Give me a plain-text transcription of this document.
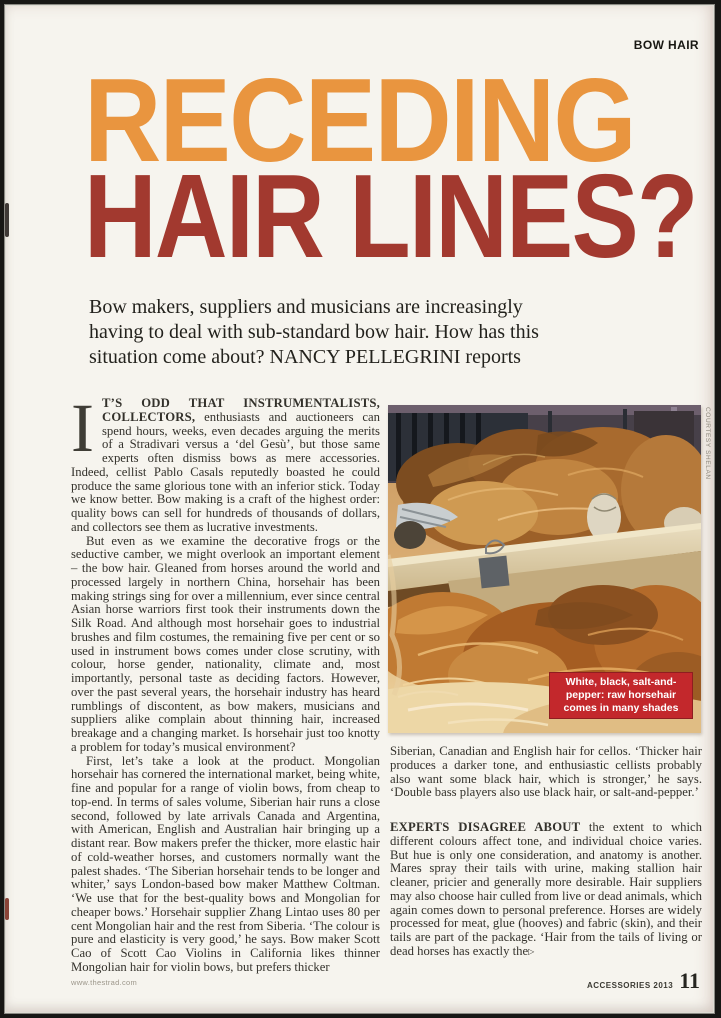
BOW HAIR
RECEDING
HAIR LINES?
Bow makers, suppliers and musicians are increasingly having to deal with sub-standard bow hair. How has this situation come about? NANCY PELLEGRINI reports

I T’S ODD THAT INSTRUMENTALISTS, COLLECTORS, enthusiasts and auctioneers can spend hours, weeks, even decades arguing the merits of a Stradivari versus a ‘del Gesù’, but those same experts often dismiss bows as mere accessories. Indeed, cellist Pablo Casals reputedly boasted he could produce the same glorious tone with an inferior stick. Today we know better. Bow making is a craft of the highest order: quality bows can sell for hundreds of thousands of dollars, and collectors see them as lucrative investments.

But even as we examine the decorative frogs or the seductive camber, we might overlook an important element – the bow hair. Gleaned from horses around the world and processed largely in northern China, horsehair has been making strings sing for over a millennium, ever since central Asian horse warriors first took their instruments down the Silk Road. And although most horsehair goes to industrial brushes and film costumes, the remaining five per cent or so used in instrument bows comes under close scrutiny, with colour, horse gender, nationality, climate and, most importantly, personal taste as deciding factors. However, over the past several years, the horsehair industry has heard rumblings of discontent, as bow makers, musicians and suppliers alike complain about thinning hair, increased breakage and a changing market. Is horsehair just too knotty a problem for today’s musical environment?

First, let’s take a look at the product. Mongolian horsehair has cornered the international market, being white, fine and popular for a range of violin bows, from cheap to top-end. In terms of sales volume, Siberian hair runs a close second, followed by late arrivals Canada and Argentina, with American, English and Australian hair bringing up a distant rear. Bow makers prefer the thicker, more elastic hair of cold-weather horses, and customers normally want the palest shades. ‘The Siberian horsehair tends to be longer and whiter,’ says London-based bow maker Matthew Coltman. ‘We use that for the best-quality bows and Mongolian for cheaper bows.’ Horsehair supplier Zhang Lintao uses 80 per cent Mongolian hair and the rest from Siberia. ‘The colour is pure and elasticity is very good,’ he says. Bow maker Scott Cao of Scott Cao Violins in California likes thinner Mongolian hair for violin bows, but prefers thicker

White, black, salt-and-pepper: raw horsehair comes in many shades
COURTESY SHELAN

Siberian, Canadian and English hair for cellos. ‘Thicker hair produces a darker tone, and enthusiastic cellists probably also want some black hair, which is stronger,’ he says. ‘Double bass players also use black hair, or salt-and-pepper.’

EXPERTS DISAGREE ABOUT the extent to which different colours affect tone, and individual choice varies. But hue is only one consideration, and anatomy is another. Mares spray their tails with urine, making stallion hair cleaner, pricier and generally more desirable. Hair suppliers may also choose hair culled from live or dead animals, which again comes down to personal preference. Horses are widely processed for meat, glue (hooves) and fabric (skin), and their tails are part of the package. ‘Hair from the tails of living or dead horses has exactly the▷

www.thestrad.com	ACCESSORIES 2013 11
